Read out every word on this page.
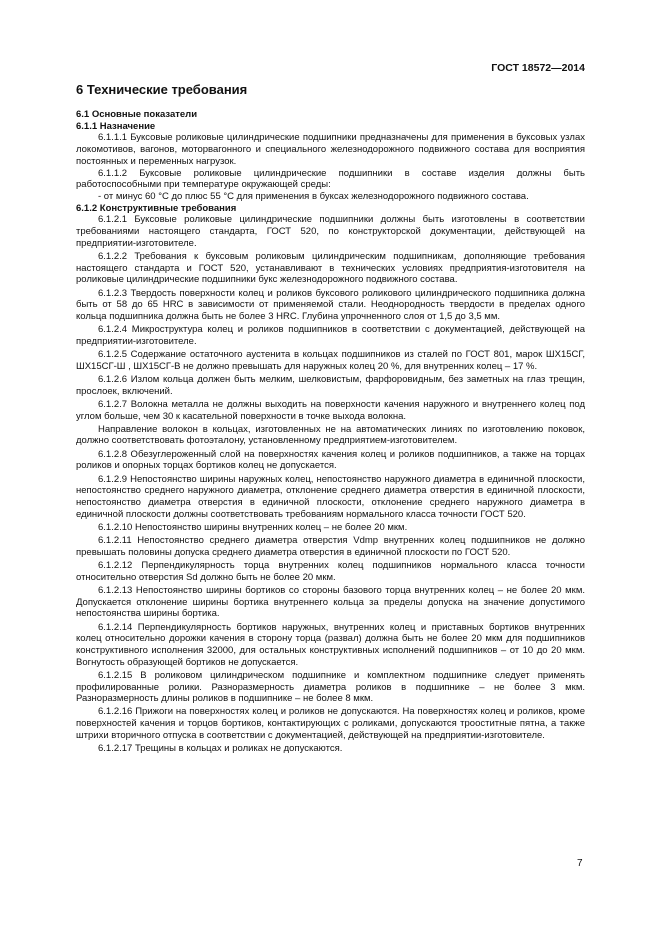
ГОСТ 18572—2014
6 Технические требования

6.1 Основные показатели

6.1.1 Назначение

6.1.1.1 Буксовые роликовые цилиндрические подшипники предназначены для применения в буксовых узлах локомотивов, вагонов, моторвагонного и специального железнодорожного подвижного состава для восприятия постоянных и переменных нагрузок.

6.1.1.2 Буксовые роликовые цилиндрические подшипники в составе изделия должны быть работоспособными при температуре окружающей среды:

- от минус 60 °С до плюс 55 °С для применения в буксах железнодорожного подвижного состава.

6.1.2 Конструктивные требования

6.1.2.1 Буксовые роликовые цилиндрические подшипники должны быть изготовлены в соответствии требованиями настоящего стандарта, ГОСТ 520, по конструкторской документации, действующей на предприятии-изготовителе.

6.1.2.2 Требования к буксовым роликовым цилиндрическим подшипникам, дополняющие требования настоящего стандарта и ГОСТ 520, устанавливают в технических условиях предприятия-изготовителя на роликовые цилиндрические подшипники букс железнодорожного подвижного состава.

6.1.2.3 Твердость поверхности колец и роликов буксового роликового цилиндрического подшипника должна быть от 58 до 65 HRC в зависимости от применяемой стали. Неоднородность твердости в пределах одного кольца подшипника должна быть не более 3 HRC. Глубина упрочненного слоя от 1,5 до 3,5 мм.

6.1.2.4 Микроструктура колец и роликов подшипников в соответствии с документацией, действующей на предприятии-изготовителе.

6.1.2.5 Содержание остаточного аустенита в кольцах подшипников из сталей по ГОСТ 801, марок ШХ15СГ, ШХ15СГ-Ш , ШХ15СГ-В не должно превышать для наружных колец 20 %, для внутренних колец – 17 %.

6.1.2.6 Излом кольца должен быть мелким, шелковистым, фарфоровидным, без заметных на глаз трещин, прослоек, включений.

6.1.2.7 Волокна металла не должны выходить на поверхности качения наружного и внутреннего колец под углом больше, чем 30 к касательной поверхности в точке выхода волокна.

Направление волокон в кольцах, изготовленных не на автоматических линиях по изготовлению поковок, должно соответствовать фотоэталону, установленному предприятием-изготовителем.

6.1.2.8 Обезуглероженный слой на поверхностях качения колец и роликов подшипников, а также на торцах роликов и опорных торцах бортиков колец не допускается.

6.1.2.9 Непостоянство ширины наружных колец, непостоянство наружного диаметра в единичной плоскости, непостоянство среднего наружного диаметра, отклонение среднего диаметра отверстия в единичной плоскости, непостоянство диаметра отверстия в единичной плоскости, отклонение среднего наружного диаметра в единичной плоскости должны соответствовать требованиям нормального класса точности ГОСТ 520.

6.1.2.10 Непостоянство ширины внутренних колец – не более 20 мкм.

6.1.2.11 Непостоянство среднего диаметра отверстия Vdmp внутренних колец подшипников не должно превышать половины допуска среднего диаметра отверстия в единичной плоскости по ГОСТ 520.

6.1.2.12 Перпендикулярность торца внутренних колец подшипников нормального класса точности относительно отверстия Sd должно быть не более 20 мкм.

6.1.2.13 Непостоянство ширины бортиков со стороны базового торца внутренних колец – не более 20 мкм. Допускается отклонение ширины бортика внутреннего кольца за пределы допуска на значение допустимого непостоянства ширины бортика.

6.1.2.14 Перпендикулярность бортиков наружных, внутренних колец и приставных бортиков внутренних колец относительно дорожки качения в сторону торца (развал) должна быть не более 20 мкм для подшипников конструктивного исполнения 32000, для остальных конструктивных исполнений подшипников – от 10 до 20 мкм. Вогнутость образующей бортиков не допускается.

6.1.2.15 В роликовом цилиндрическом подшипнике и комплектном подшипнике следует применять профилированные ролики. Разноразмерность диаметра роликов в подшипнике – не более 3 мкм. Разноразмерность длины роликов в подшипнике – не более 8 мкм.

6.1.2.16 Прижоги на поверхностях колец и роликов не допускаются. На поверхностях колец и роликов, кроме поверхностей качения и торцов бортиков, контактирующих с роликами, допускаются трооститные пятна, а также штрихи вторичного отпуска в соответствии с документацией, действующей на предприятии-изготовителе.

6.1.2.17 Трещины в кольцах и роликах не допускаются.

7
